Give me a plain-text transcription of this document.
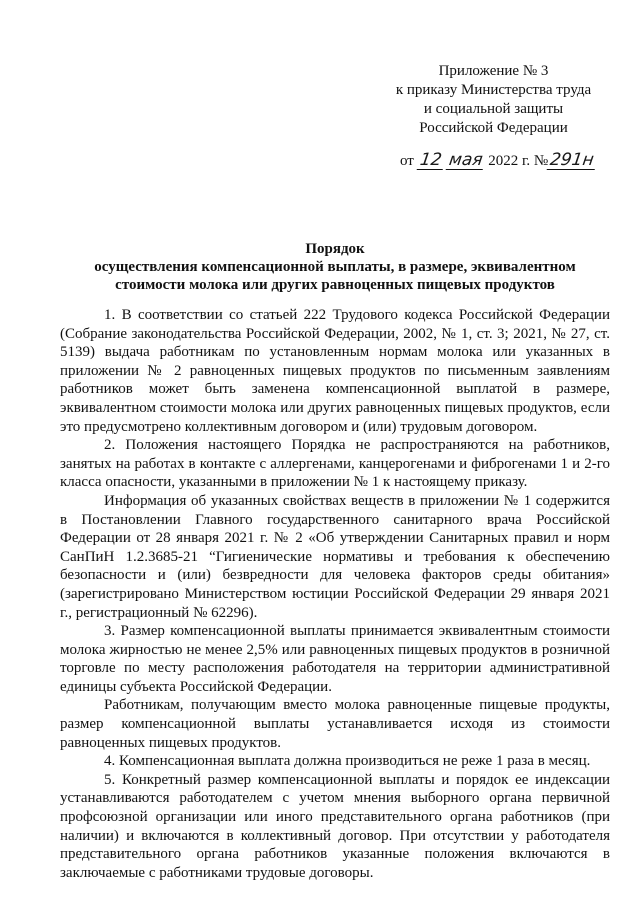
Приложение № 3
к приказу Министерства труда
и социальной защиты
Российской Федерации
от 12 мая 2022 г. №291н
Порядок
осуществления компенсационной выплаты, в размере, эквивалентном
стоимости молока или других равноценных пищевых продуктов

1. В соответствии со статьей 222 Трудового кодекса Российской Федерации (Собрание законодательства Российской Федерации, 2002, № 1, ст. 3; 2021, № 27, ст. 5139) выдача работникам по установленным нормам молока или указанных в приложении № 2 равноценных пищевых продуктов по письменным заявлениям работников может быть заменена компенсационной выплатой в размере, эквивалентном стоимости молока или других равноценных пищевых продуктов, если это предусмотрено коллективным договором и (или) трудовым договором.

2. Положения настоящего Порядка не распространяются на работников, занятых на работах в контакте с аллергенами, канцерогенами и фиброгенами 1 и 2-го класса опасности, указанными в приложении № 1 к настоящему приказу.

Информация об указанных свойствах веществ в приложении № 1 содержится в Постановлении Главного государственного санитарного врача Российской Федерации от 28 января 2021 г. № 2 «Об утверждении Санитарных правил и норм СанПиН 1.2.3685-21 “Гигиенические нормативы и требования к обеспечению безопасности и (или) безвредности для человека факторов среды обитания» (зарегистрировано Министерством юстиции Российской Федерации 29 января 2021 г., регистрационный № 62296).

3. Размер компенсационной выплаты принимается эквивалентным стоимости молока жирностью не менее 2,5% или равноценных пищевых продуктов в розничной торговле по месту расположения работодателя на территории административной единицы субъекта Российской Федерации.

Работникам, получающим вместо молока равноценные пищевые продукты, размер компенсационной выплаты устанавливается исходя из стоимости равноценных пищевых продуктов.

4. Компенсационная выплата должна производиться не реже 1 раза в месяц.

5. Конкретный размер компенсационной выплаты и порядок ее индексации устанавливаются работодателем с учетом мнения выборного органа первичной профсоюзной организации или иного представительного органа работников (при наличии) и включаются в коллективный договор. При отсутствии у работодателя представительного органа работников указанные положения включаются в заключаемые с работниками трудовые договоры.
